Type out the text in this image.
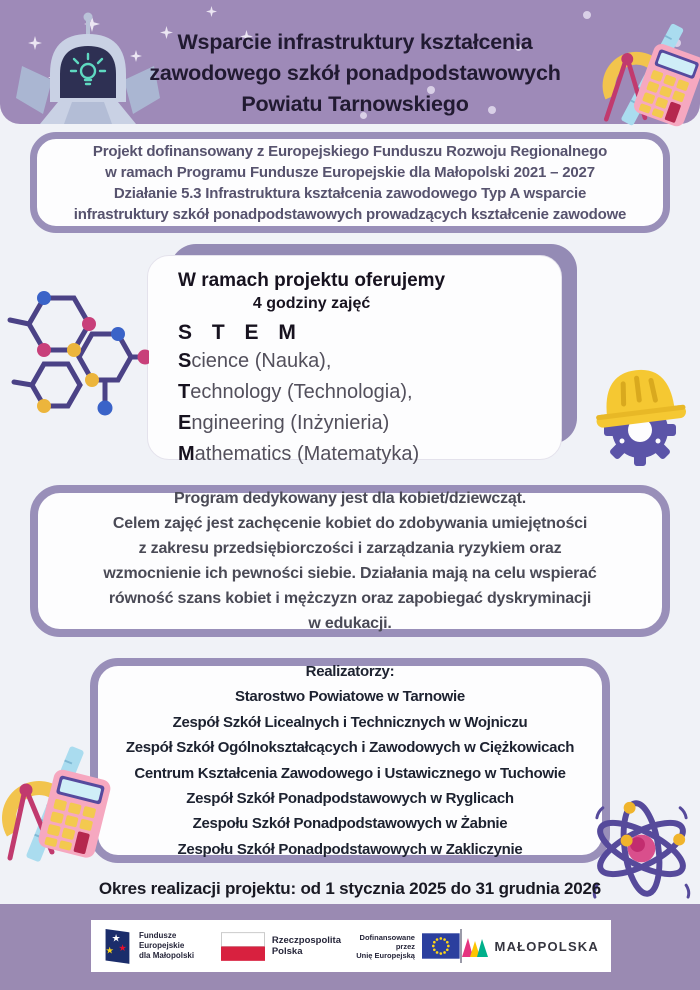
Wsparcie infrastruktury kształcenia
zawodowego szkół ponadpodstawowych
Powiatu Tarnowskiego
Projekt dofinansowany z Europejskiego Funduszu Rozwoju Regionalnego
w ramach Programu Fundusze Europejskie dla Małopolski 2021 – 2027
Działanie 5.3 Infrastruktura kształcenia zawodowego Typ A wsparcie
infrastruktury szkół ponadpodstawowych prowadzących kształcenie zawodowe
W ramach projektu oferujemy
4 godziny zajęć
S T E M
Science (Nauka),
Technology (Technologia),
Engineering (Inżynieria)
Mathematics (Matematyka)
Program dedykowany jest dla kobiet/dziewcząt.
Celem zajęć jest zachęcenie kobiet do zdobywania umiejętności
z zakresu przedsiębiorczości i zarządzania ryzykiem oraz
wzmocnienie ich pewności siebie. Działania mają na celu wspierać
równość szans kobiet i mężczyzn oraz zapobiegać dyskryminacji
w edukacji.
Realizatorzy:
Starostwo Powiatowe w Tarnowie
Zespół Szkół Licealnych i Technicznych w Wojniczu
Zespół Szkół Ogólnokształcących i Zawodowych w Ciężkowicach
Centrum Kształcenia Zawodowego i Ustawicznego w Tuchowie
Zespół Szkół Ponadpodstawowych w Ryglicach
Zespołu Szkół Ponadpodstawowych w Żabnie
Zespołu Szkół Ponadpodstawowych w Zakliczynie
Okres realizacji projektu: od 1 stycznia 2025 do 31 grudnia 2026
★
★ ★
Fundusze Europejskie
dla Małopolski
Rzeczpospolita
Polska
Dofinansowane przez
Unię Europejską
MAŁOPOLSKA
